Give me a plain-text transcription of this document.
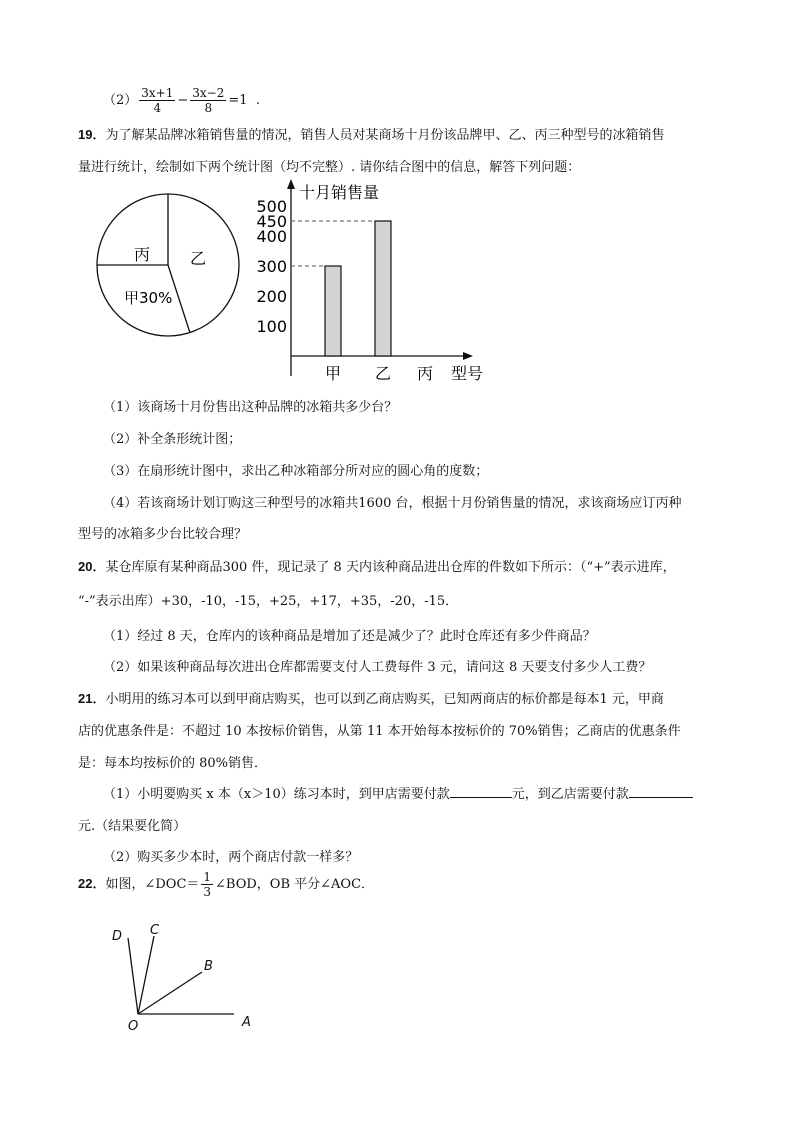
$(2) \frac{3x+1}{4} - \frac{3x-2}{8} =1$ .
19．为了解某品牌冰箱销售量的情况，销售人员对某商场十月份该品牌甲、乙、丙三种型号的冰箱销售
量进行统计，绘制如下两个统计图（均不完整）. 请你结合图中的信息，解答下列问题：
丙 乙
甲30%
十月销售量
100
200
300
400
450
500
甲 乙 丙 型号
（1）该商场十月份售出这种品牌的冰箱共多少台？
（2）补全条形统计图；
（3）在扇形统计图中，求出乙种冰箱部分所对应的圆心角的度数；
（4）若该商场计划订购这三种型号的冰箱共1600 台，根据十月份销售量的情况，求该商场应订丙种
型号的冰箱多少台比较合理？
20．某仓库原有某种商品300 件，现记录了 8 天内该种商品进出仓库的件数如下所示：（“+”表示进库，
“-”表示出库）+30，-10，-15，+25，+17，+35，-20，-15．
（1）经过 8 天，仓库内的该种商品是增加了还是减少了？此时仓库还有多少件商品？
（2）如果该种商品每次进出仓库都需要支付人工费每件 3 元，请问这 8 天要支付多少人工费？
21．小明用的练习本可以到甲商店购买，也可以到乙商店购买，已知两商店的标价都是每本1 元，甲商
店的优惠条件是：不超过 10 本按标价销售，从第 11 本开始每本按标价的 70%销售；乙商店的优惠条件
是：每本均按标价的 80%销售．
（1）小明要购买 x 本（x＞10）练习本时，到甲店需要付款	元，到乙店需要付款
元.（结果要化简）
（2）购买多少本时，两个商店付款一样多？
22．如图，∠DOC＝ $\frac{1}{3}$ ∠BOD，OB 平分∠AOC．
D C
B
O	A
